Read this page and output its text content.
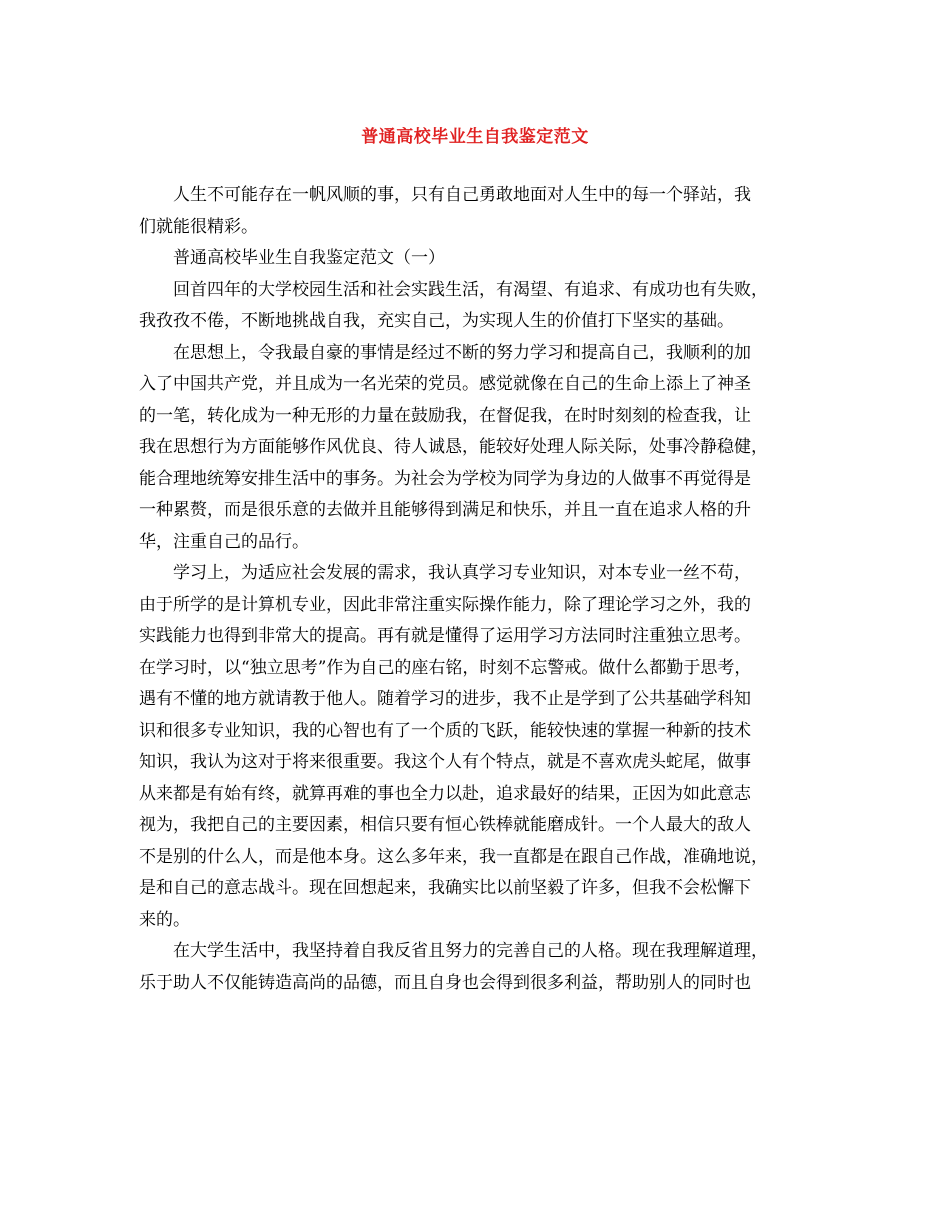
普通高校毕业生自我鉴定范文

人生不可能存在一帆风顺的事，只有自己勇敢地面对人生中的每一个驿站，我
们就能很精彩。

普通高校毕业生自我鉴定范文（一）

回首四年的大学校园生活和社会实践生活，有渴望、有追求、有成功也有失败，
我孜孜不倦，不断地挑战自我，充实自己，为实现人生的价值打下坚实的基础。

在思想上，令我最自豪的事情是经过不断的努力学习和提高自己，我顺利的加
入了中国共产党，并且成为一名光荣的党员。感觉就像在自己的生命上添上了神圣
的一笔，转化成为一种无形的力量在鼓励我，在督促我，在时时刻刻的检查我，让
我在思想行为方面能够作风优良、待人诚恳，能较好处理人际关际，处事冷静稳健，
能合理地统筹安排生活中的事务。为社会为学校为同学为身边的人做事不再觉得是
一种累赘，而是很乐意的去做并且能够得到满足和快乐，并且一直在追求人格的升
华，注重自己的品行。

学习上，为适应社会发展的需求，我认真学习专业知识，对本专业一丝不苟，
由于所学的是计算机专业，因此非常注重实际操作能力，除了理论学习之外，我的
实践能力也得到非常大的提高。再有就是懂得了运用学习方法同时注重独立思考。
在学习时，以“独立思考”作为自己的座右铭，时刻不忘警戒。做什么都勤于思考，
遇有不懂的地方就请教于他人。随着学习的进步，我不止是学到了公共基础学科知
识和很多专业知识，我的心智也有了一个质的飞跃，能较快速的掌握一种新的技术
知识，我认为这对于将来很重要。我这个人有个特点，就是不喜欢虎头蛇尾，做事
从来都是有始有终，就算再难的事也全力以赴，追求最好的结果，正因为如此意志
视为，我把自己的主要因素，相信只要有恒心铁棒就能磨成针。一个人最大的敌人
不是别的什么人，而是他本身。这么多年来，我一直都是在跟自己作战，准确地说，
是和自己的意志战斗。现在回想起来，我确实比以前坚毅了许多，但我不会松懈下
来的。

在大学生活中，我坚持着自我反省且努力的完善自己的人格。现在我理解道理，
乐于助人不仅能铸造高尚的品德，而且自身也会得到很多利益，帮助别人的同时也
